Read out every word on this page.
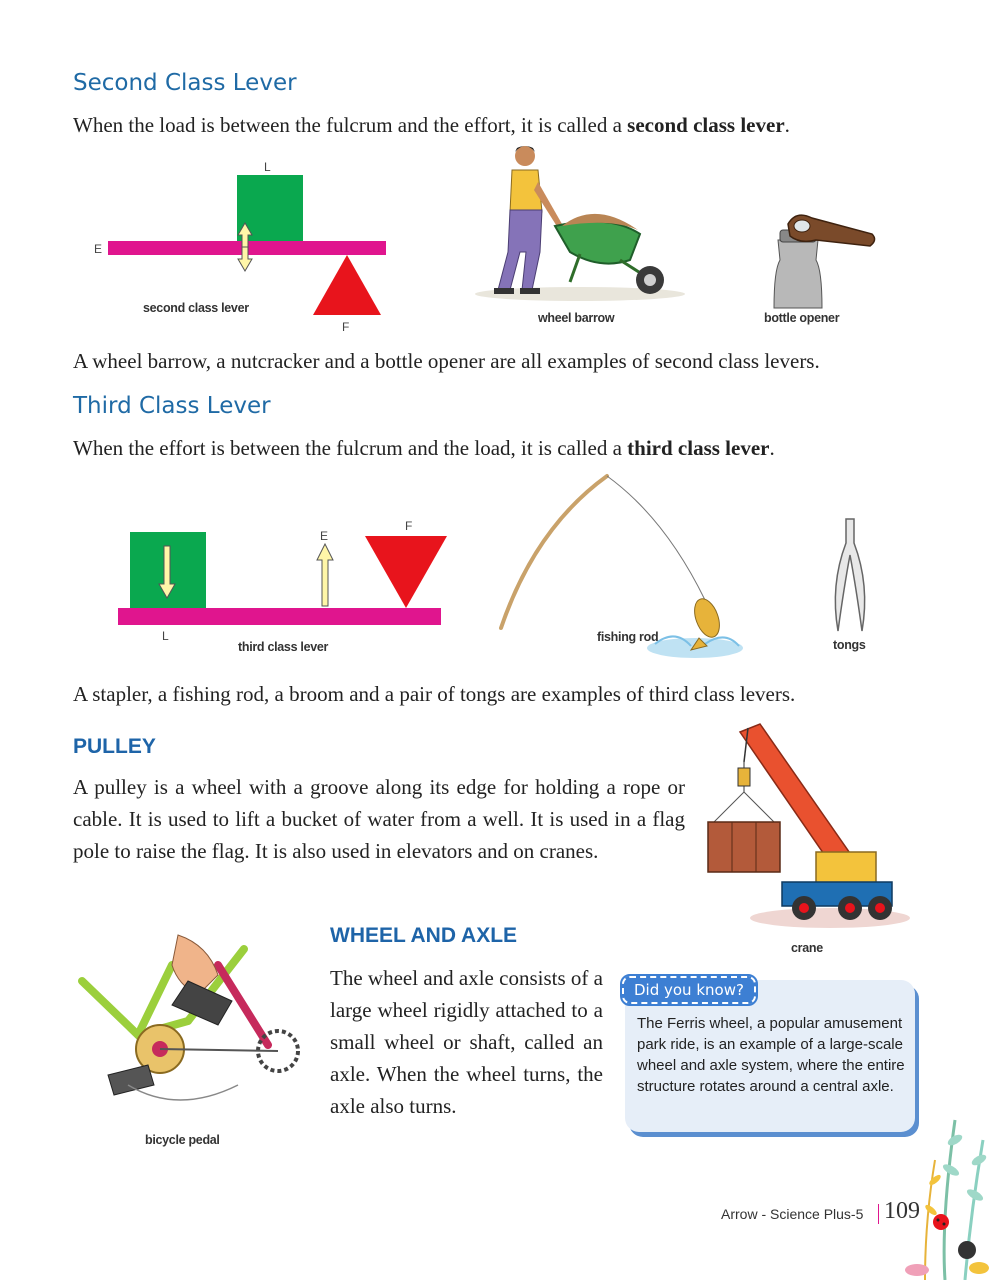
Second Class Lever

When the load is between the fulcrum and the effort, it is called a second class lever.

L
E
F
second class lever
wheel barrow	bottle opener

A wheel barrow, a nutcracker and a bottle opener are all examples of second class levers.

Third Class Lever

When the effort is between the fulcrum and the load, it is called a third class lever.

E
F
L
third class lever
fishing rod
tongs

A stapler, a fishing rod, a broom and a pair of tongs are examples of third class levers.

PULLEY

A pulley is a wheel with a groove along its edge for holding a rope or cable. It is used to lift a bucket of water from a well. It is used in a flag pole to raise the flag. It is also used in elevators and on cranes.

crane
bicycle pedal
WHEEL AND AXLE

The wheel and axle consists of a large wheel rigidly attached to a small wheel or shaft, called an axle. When the wheel turns, the axle also turns.

Did you know?

The Ferris wheel, a popular amusement park ride, is an example of a large-scale wheel and axle system, where the entire structure rotates around a central axle.

Arrow - Science Plus-5 109
